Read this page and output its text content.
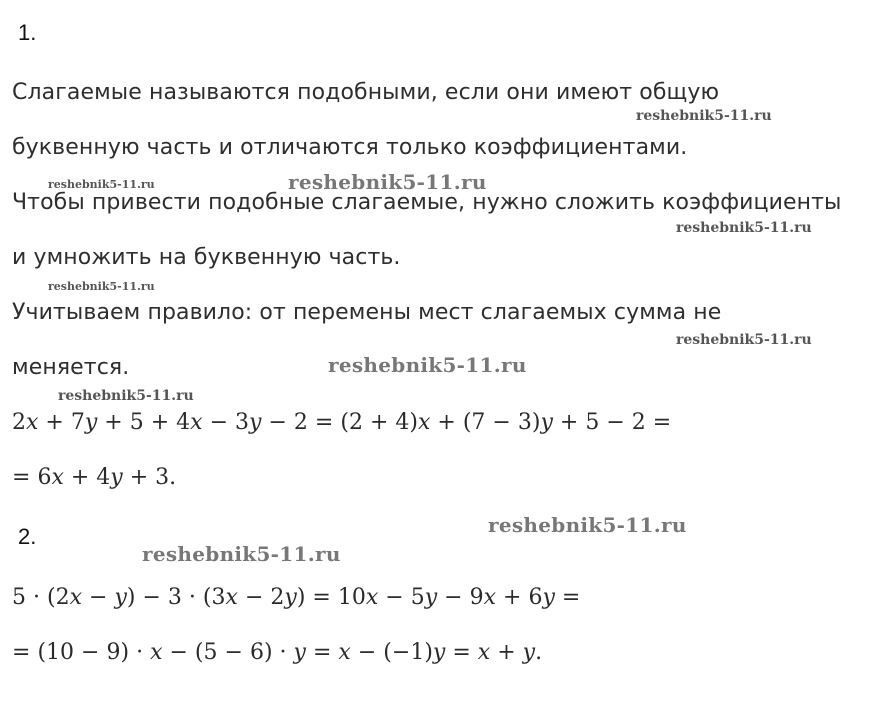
1.
Слагаемые называются подобными, если они имеют общую
буквенную часть и отличаются только коэффициентами.
Чтобы привести подобные слагаемые, нужно сложить коэффициенты
и умножить на буквенную часть.
Учитываем правило: от перемены мест слагаемых сумма не
меняется.
2x + 7y + 5 + 4x − 3y − 2 = (2 + 4)x + (7 − 3)y + 5 − 2 =
= 6x + 4y + 3.
2.
5 · (2x − y) − 3 · (3x − 2y) = 10x − 5y − 9x + 6y =
= (10 − 9) · x − (5 − 6) · y = x − (−1)y = x + y.
reshebnik5-11.ru
reshebnik5-11.ru	reshebnik5-11.ru
reshebnik5-11.ru
reshebnik5-11.ru
reshebnik5-11.ru
reshebnik5-11.ru
reshebnik5-11.ru
reshebnik5-11.ru
reshebnik5-11.ru
